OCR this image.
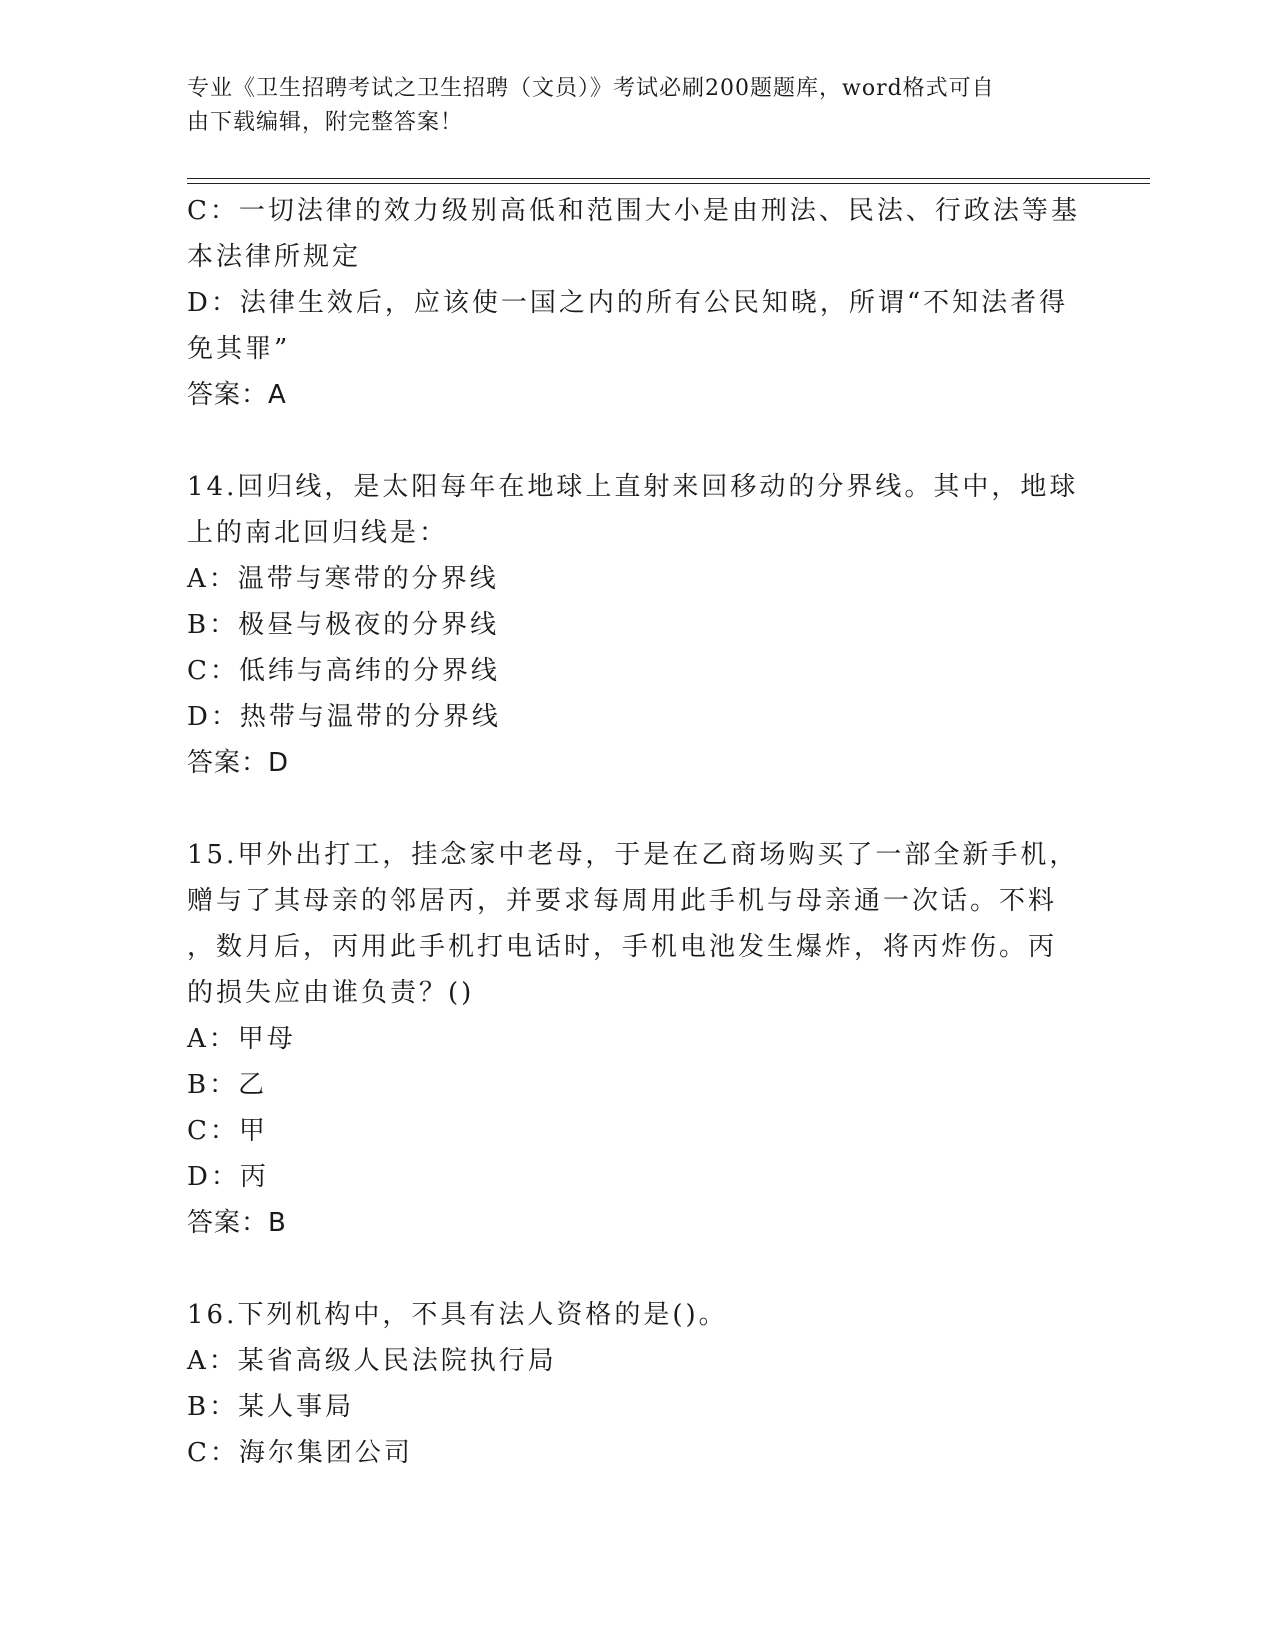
专业《卫生招聘考试之卫生招聘（文员）》考试必刷200题题库，word格式可自
由下载编辑，附完整答案！
C：一切法律的效力级别高低和范围大小是由刑法、民法、行政法等基
本法律所规定
D：法律生效后，应该使一国之内的所有公民知晓，所谓“不知法者得
免其罪”
答案：A
14.回归线，是太阳每年在地球上直射来回移动的分界线。其中，地球
上的南北回归线是：
A：温带与寒带的分界线
B：极昼与极夜的分界线
C：低纬与高纬的分界线
D：热带与温带的分界线
答案：D
15.甲外出打工，挂念家中老母，于是在乙商场购买了一部全新手机，
赠与了其母亲的邻居丙，并要求每周用此手机与母亲通一次话。不料
，数月后，丙用此手机打电话时，手机电池发生爆炸，将丙炸伤。丙
的损失应由谁负责？()
A：甲母
B：乙
C：甲
D：丙
答案：B
16.下列机构中，不具有法人资格的是()。
A：某省高级人民法院执行局
B：某人事局
C：海尔集团公司
